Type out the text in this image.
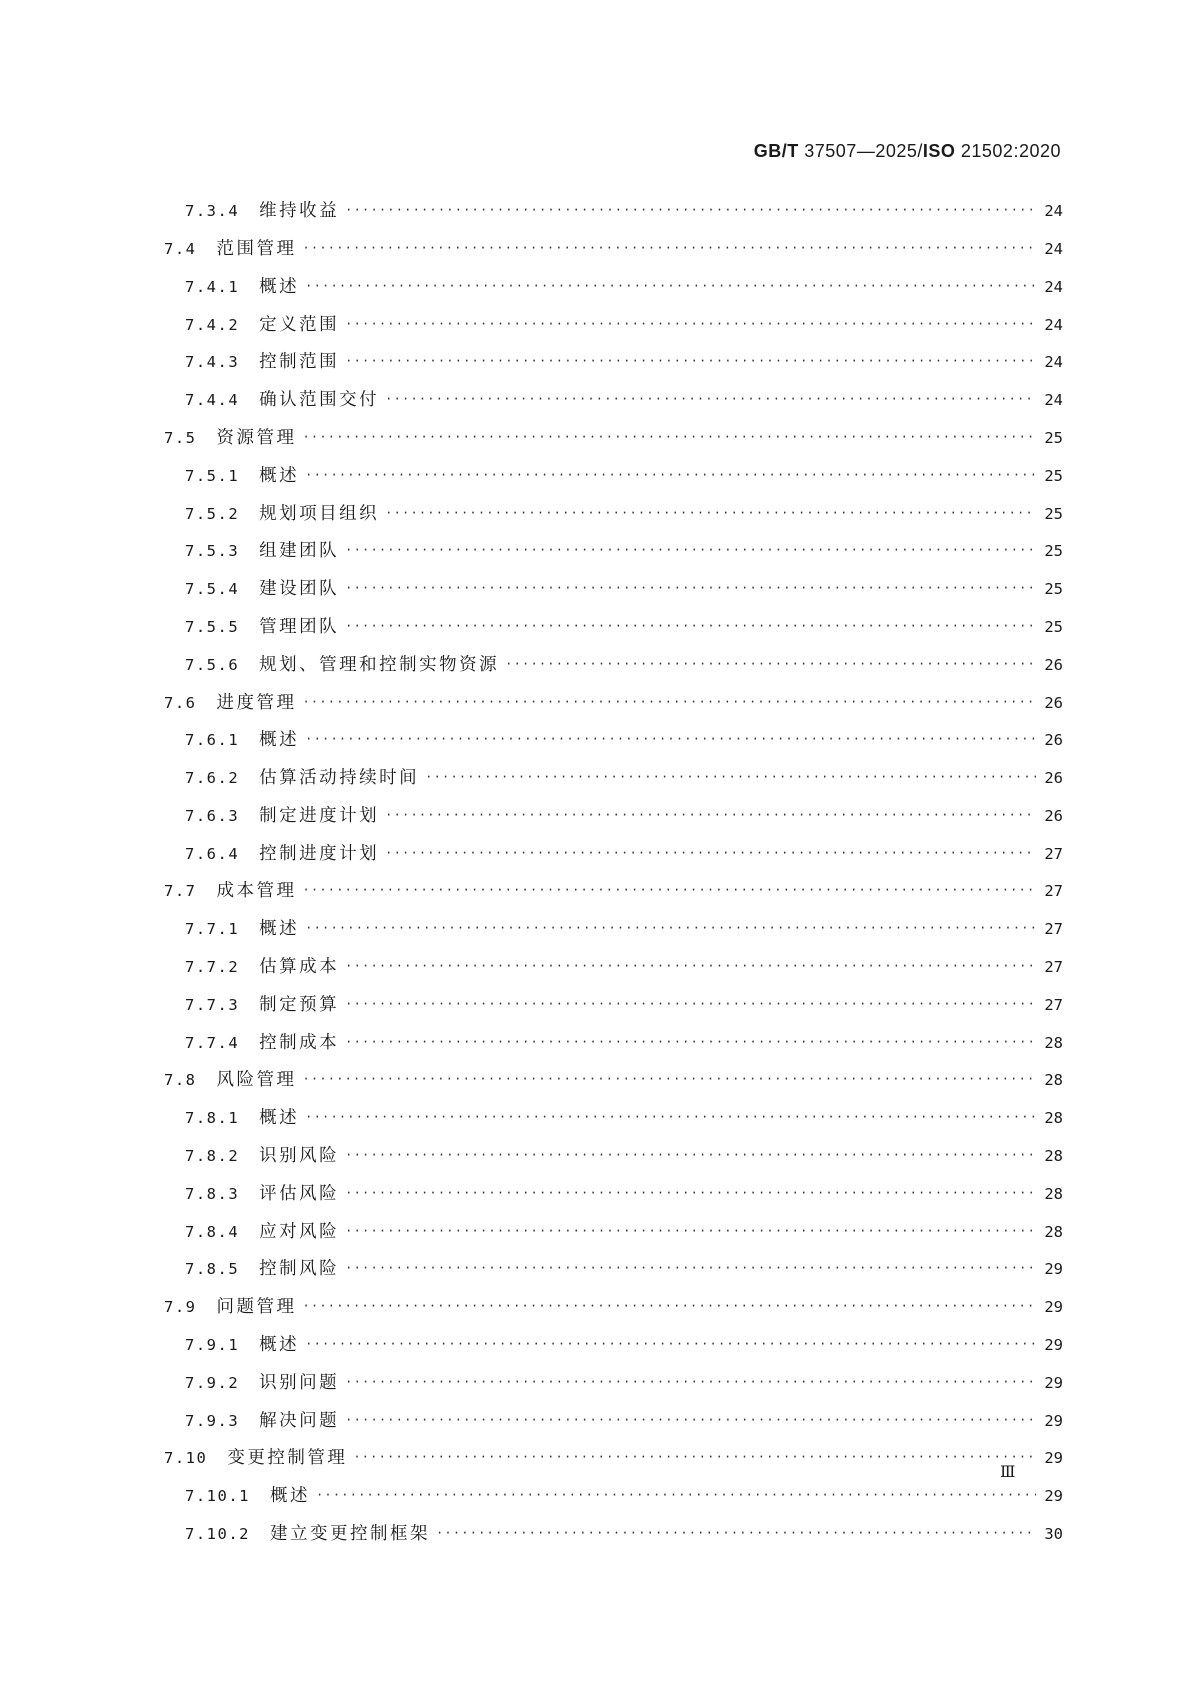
GB/T 37507—2025/ISO 21502:2020
7.3.4 维持收益 ·····	24
7.4 范围管理 ·····	24
7.4.1 概述 ·····	24
7.4.2 定义范围 ·····	24
7.4.3 控制范围 ·····	24
7.4.4 确认范围交付 ·····	24
7.5 资源管理 ·····	25
7.5.1 概述 ·····	25
7.5.2 规划项目组织 ·····	25
7.5.3 组建团队 ·····	25
7.5.4 建设团队 ·····	25
7.5.5 管理团队 ·····	25
7.5.6 规划、管理和控制实物资源 ·····	26
7.6 进度管理 ·····	26
7.6.1 概述 ·····	26
7.6.2 估算活动持续时间 ·····	26
7.6.3 制定进度计划 ·····	26
7.6.4 控制进度计划 ·····	27
7.7 成本管理 ·····	27
7.7.1 概述 ·····	27
7.7.2 估算成本 ·····	27
7.7.3 制定预算 ·····	27
7.7.4 控制成本 ·····	28
7.8 风险管理 ·····	28
7.8.1 概述 ·····	28
7.8.2 识别风险 ·····	28
7.8.3 评估风险 ·····	28
7.8.4 应对风险 ·····	28
7.8.5 控制风险 ·····	29
7.9 问题管理 ·····	29
7.9.1 概述 ·····	29
7.9.2 识别问题 ·····	29
7.9.3 解决问题 ·····	29
7.10 变更控制管理 ·····	29
7.10.1 概述 ·····	29
7.10.2 建立变更控制框架 ·····	30
Ⅲ
